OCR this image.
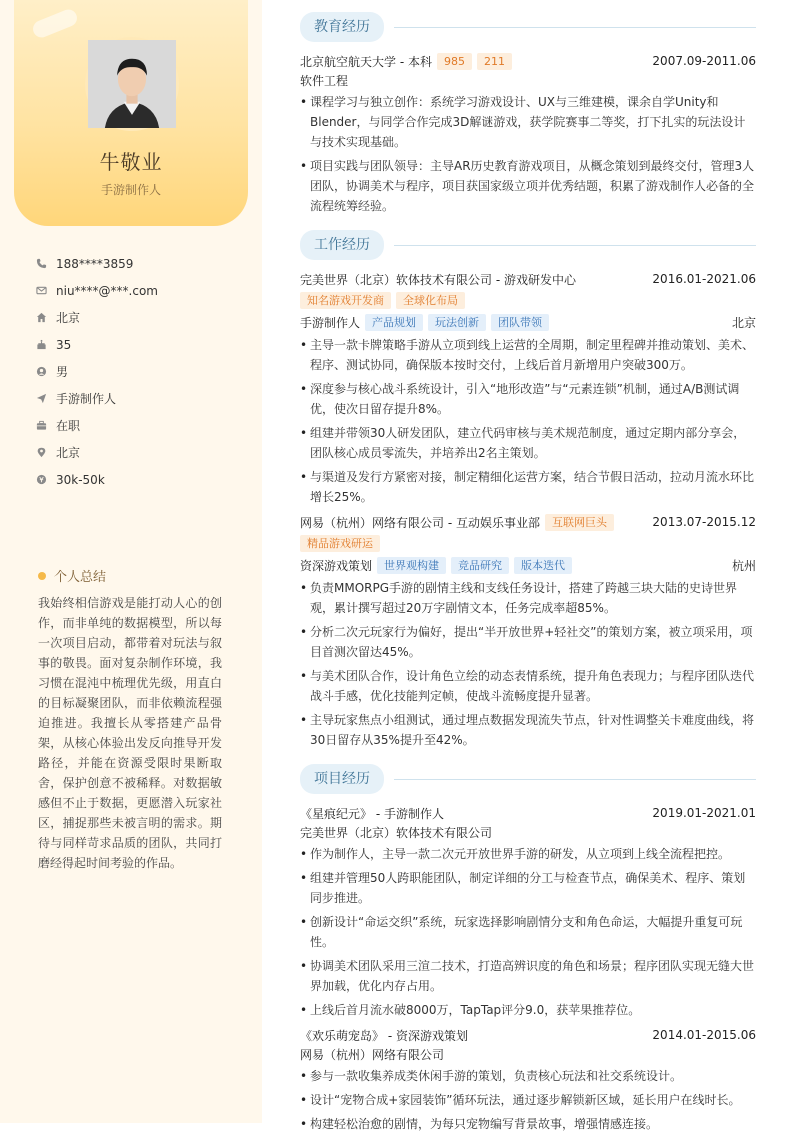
牛敬业
手游制作人
188****3859
niu****@***.com
北京
35
男
手游制作人
在职
北京
30k-50k
个人总结
我始终相信游戏是能打动人心的创作，而非单纯的数据模型，所以每一次项目启动，都带着对玩法与叙事的敬畏。面对复杂制作环境，我习惯在混沌中梳理优先级，用直白的目标凝聚团队，而非依赖流程强迫推进。我擅长从零搭建产品骨架，从核心体验出发反向推导开发路径，并能在资源受限时果断取舍，保护创意不被稀释。对数据敏感但不止于数据，更愿潜入玩家社区，捕捉那些未被言明的需求。期待与同样苛求品质的团队，共同打磨经得起时间考验的作品。
教育经历
北京航空航天大学 - 本科	985	211	2007.09-2011.06
软件工程
• 课程学习与独立创作：系统学习游戏设计、UX与三维建模，课余自学Unity和Blender，与同学合作完成3D解谜游戏，获学院赛事二等奖，打下扎实的玩法设计与技术实现基础。
• 项目实践与团队领导：主导AR历史教育游戏项目，从概念策划到最终交付，管理3人团队，协调美术与程序，项目获国家级立项并优秀结题，积累了游戏制作人必备的全流程统筹经验。
工作经历
完美世界（北京）软体技术有限公司 - 游戏研发中心	2016.01-2021.06
知名游戏开发商	全球化布局
手游制作人	产品规划	玩法创新	团队带领	北京
• 主导一款卡牌策略手游从立项到线上运营的全周期，制定里程碑并推动策划、美术、程序、测试协同，确保版本按时交付，上线后首月新增用户突破300万。
• 深度参与核心战斗系统设计，引入“地形改造”与“元素连锁”机制，通过A/B测试调优，使次日留存提升8%。
• 组建并带领30人研发团队，建立代码审核与美术规范制度，通过定期内部分享会，团队核心成员零流失，并培养出2名主策划。
• 与渠道及发行方紧密对接，制定精细化运营方案，结合节假日活动，拉动月流水环比增长25%。
网易（杭州）网络有限公司 - 互动娱乐事业部	互联网巨头	2013.07-2015.12
精品游戏研运
资深游戏策划	世界观构建	竞品研究	版本迭代	杭州
• 负责MMORPG手游的剧情主线和支线任务设计，搭建了跨越三块大陆的史诗世界观，累计撰写超过20万字剧情文本，任务完成率超85%。
• 分析二次元玩家行为偏好，提出“半开放世界+轻社交”的策划方案，被立项采用，项目首测次留达45%。
• 与美术团队合作，设计角色立绘的动态表情系统，提升角色表现力；与程序团队迭代战斗手感，优化技能判定帧，使战斗流畅度提升显著。
• 主导玩家焦点小组测试，通过埋点数据发现流失节点，针对性调整关卡难度曲线，将30日留存从35%提升至42%。
项目经历
《星痕纪元》 - 手游制作人	2019.01-2021.01
完美世界（北京）软体技术有限公司
• 作为制作人，主导一款二次元开放世界手游的研发，从立项到上线全流程把控。
• 组建并管理50人跨职能团队，制定详细的分工与检查节点，确保美术、程序、策划同步推进。
• 创新设计“命运交织”系统，玩家选择影响剧情分支和角色命运，大幅提升重复可玩性。
• 协调美术团队采用三渲二技术，打造高辨识度的角色和场景；程序团队实现无缝大世界加载，优化内存占用。
• 上线后首月流水破8000万，TapTap评分9.0，获苹果推荐位。
《欢乐萌宠岛》 - 资深游戏策划	2014.01-2015.06
网易（杭州）网络有限公司
• 参与一款收集养成类休闲手游的策划，负责核心玩法和社交系统设计。
• 设计“宠物合成+家园装饰”循环玩法，通过逐步解锁新区域，延长用户在线时长。
• 构建轻松治愈的剧情，为每只宠物编写背景故事，增强情感连接。
